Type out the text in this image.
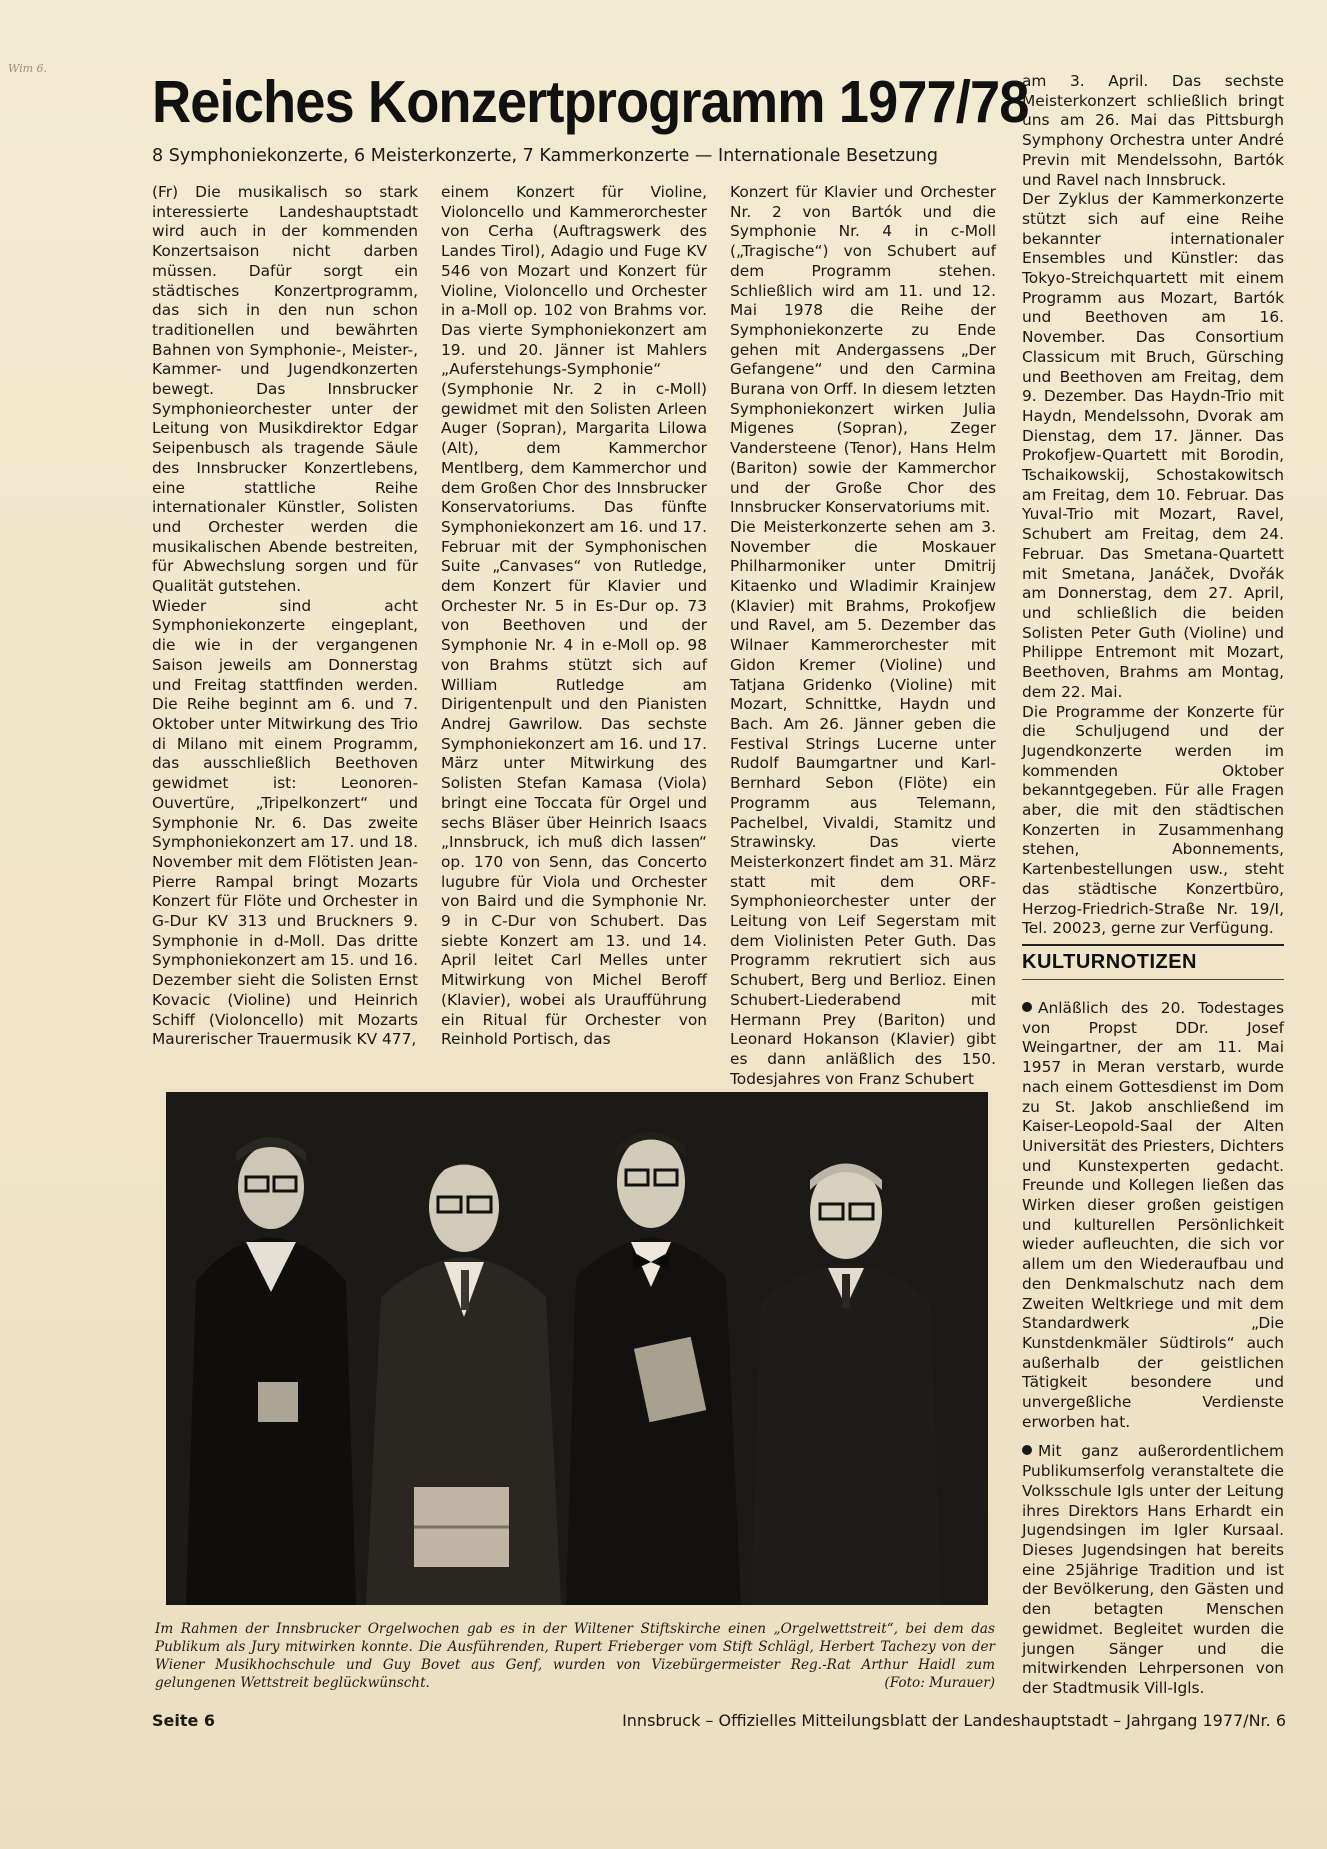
Wim 6.
Reiches Konzertprogramm 1977/78
8 Symphoniekonzerte, 6 Meisterkonzerte, 7 Kammerkonzerte — Internationale Besetzung

(Fr) Die musikalisch so stark interessierte Landeshauptstadt wird auch in der kommenden Konzertsaison nicht darben müssen. Dafür sorgt ein städtisches Konzertprogramm, das sich in den nun schon traditionellen und bewährten Bahnen von Symphonie-, Meister-, Kammer- und Jugendkonzerten bewegt. Das Innsbrucker Symphonieorchester unter der Leitung von Musikdirektor Edgar Seipenbusch als tragende Säule des Innsbrucker Konzertlebens, eine stattliche Reihe internationaler Künstler, Solisten und Orchester werden die musikalischen Abende bestreiten, für Abwechslung sorgen und für Qualität gutstehen.

Wieder sind acht Symphoniekonzerte eingeplant, die wie in der vergangenen Saison jeweils am Donnerstag und Freitag stattfinden werden. Die Reihe beginnt am 6. und 7. Oktober unter Mitwirkung des Trio di Milano mit einem Programm, das ausschließlich Beethoven gewidmet ist: Leonoren-Ouvertüre, „Tripelkonzert“ und Symphonie Nr. 6. Das zweite Symphoniekonzert am 17. und 18. November mit dem Flötisten Jean-Pierre Rampal bringt Mozarts Konzert für Flöte und Orchester in G-Dur KV 313 und Bruckners 9. Symphonie in d-Moll. Das dritte Symphoniekonzert am 15. und 16. Dezember sieht die Solisten Ernst Kovacic (Violine) und Heinrich Schiff (Violoncello) mit Mozarts Maurerischer Trauermusik KV 477,

einem Konzert für Violine, Violoncello und Kammerorchester von Cerha (Auftragswerk des Landes Tirol), Adagio und Fuge KV 546 von Mozart und Konzert für Violine, Violoncello und Orchester in a-Moll op. 102 von Brahms vor. Das vierte Symphoniekonzert am 19. und 20. Jänner ist Mahlers „Auferstehungs-Symphonie“ (Symphonie Nr. 2 in c-Moll) gewidmet mit den Solisten Arleen Auger (Sopran), Margarita Lilowa (Alt), dem Kammerchor Mentlberg, dem Kammerchor und dem Großen Chor des Innsbrucker Konservatoriums. Das fünfte Symphoniekonzert am 16. und 17. Februar mit der Symphonischen Suite „Canvases“ von Rutledge, dem Konzert für Klavier und Orchester Nr. 5 in Es-Dur op. 73 von Beethoven und der Symphonie Nr. 4 in e-Moll op. 98 von Brahms stützt sich auf William Rutledge am Dirigentenpult und den Pianisten Andrej Gawrilow. Das sechste Symphoniekonzert am 16. und 17. März unter Mitwirkung des Solisten Stefan Kamasa (Viola) bringt eine Toccata für Orgel und sechs Bläser über Heinrich Isaacs „Innsbruck, ich muß dich lassen“ op. 170 von Senn, das Concerto lugubre für Viola und Orchester von Baird und die Symphonie Nr. 9 in C-Dur von Schubert. Das siebte Konzert am 13. und 14. April leitet Carl Melles unter Mitwirkung von Michel Beroff (Klavier), wobei als Uraufführung ein Ritual für Orchester von Reinhold Portisch, das

Konzert für Klavier und Orchester Nr. 2 von Bartók und die Symphonie Nr. 4 in c-Moll („Tragische“) von Schubert auf dem Programm stehen. Schließlich wird am 11. und 12. Mai 1978 die Reihe der Symphoniekonzerte zu Ende gehen mit Andergassens „Der Gefangene“ und den Carmina Burana von Orff. In diesem letzten Symphoniekonzert wirken Julia Migenes (Sopran), Zeger Vandersteene (Tenor), Hans Helm (Bariton) sowie der Kammerchor und der Große Chor des Innsbrucker Konservatoriums mit.

Die Meisterkonzerte sehen am 3. November die Moskauer Philharmoniker unter Dmitrij Kitaenko und Wladimir Krainjew (Klavier) mit Brahms, Prokofjew und Ravel, am 5. Dezember das Wilnaer Kammerorchester mit Gidon Kremer (Violine) und Tatjana Gridenko (Violine) mit Mozart, Schnittke, Haydn und Bach. Am 26. Jänner geben die Festival Strings Lucerne unter Rudolf Baumgartner und Karl-Bernhard Sebon (Flöte) ein Programm aus Telemann, Pachelbel, Vivaldi, Stamitz und Strawinsky. Das vierte Meisterkonzert findet am 31. März statt mit dem ORF-Symphonieorchester unter der Leitung von Leif Segerstam mit dem Violinisten Peter Guth. Das Programm rekrutiert sich aus Schubert, Berg und Berlioz. Einen Schubert-Liederabend mit Hermann Prey (Bariton) und Leonard Hokanson (Klavier) gibt es dann anläßlich des 150. Todesjahres von Franz Schubert

am 3. April. Das sechste Meisterkonzert schließlich bringt uns am 26. Mai das Pittsburgh Symphony Orchestra unter André Previn mit Mendelssohn, Bartók und Ravel nach Innsbruck.

Der Zyklus der Kammerkonzerte stützt sich auf eine Reihe bekannter internationaler Ensembles und Künstler: das Tokyo-Streichquartett mit einem Programm aus Mozart, Bartók und Beethoven am 16. November. Das Consortium Classicum mit Bruch, Gürsching und Beethoven am Freitag, dem 9. Dezember. Das Haydn-Trio mit Haydn, Mendelssohn, Dvorak am Dienstag, dem 17. Jänner. Das Prokofjew-Quartett mit Borodin, Tschaikowskij, Schostakowitsch am Freitag, dem 10. Februar. Das Yuval-Trio mit Mozart, Ravel, Schubert am Freitag, dem 24. Februar. Das Smetana-Quartett mit Smetana, Janáček, Dvořák am Donnerstag, dem 27. April, und schließlich die beiden Solisten Peter Guth (Violine) und Philippe Entremont mit Mozart, Beethoven, Brahms am Montag, dem 22. Mai.

Die Programme der Konzerte für die Schuljugend und der Jugendkonzerte werden im kommenden Oktober bekanntgegeben. Für alle Fragen aber, die mit den städtischen Konzerten in Zusammenhang stehen, Abonnements, Kartenbestellungen usw., steht das städtische Konzertbüro, Herzog-Friedrich-Straße Nr. 19/I, Tel. 20023, gerne zur Verfügung.

KULTURNOTIZEN

Anläßlich des 20. Todestages von Propst DDr. Josef Weingartner, der am 11. Mai 1957 in Meran verstarb, wurde nach einem Gottesdienst im Dom zu St. Jakob anschließend im Kaiser-Leopold-Saal der Alten Universität des Priesters, Dichters und Kunstexperten gedacht. Freunde und Kollegen ließen das Wirken dieser großen geistigen und kulturellen Persönlichkeit wieder aufleuchten, die sich vor allem um den Wiederaufbau und den Denkmalschutz nach dem Zweiten Weltkriege und mit dem Standardwerk „Die Kunstdenkmäler Südtirols“ auch außerhalb der geistlichen Tätigkeit besondere und unvergeßliche Verdienste erworben hat.

Mit ganz außerordentlichem Publikumserfolg veranstaltete die Volksschule Igls unter der Leitung ihres Direktors Hans Erhardt ein Jugendsingen im Igler Kursaal. Dieses Jugendsingen hat bereits eine 25jährige Tradition und ist der Bevölkerung, den Gästen und den betagten Menschen gewidmet. Begleitet wurden die jungen Sänger und die mitwirkenden Lehrpersonen von der Stadtmusik Vill-Igls.

Im Rahmen der Innsbrucker Orgelwochen gab es in der Wiltener Stiftskirche einen „Orgelwettstreit“, bei dem das Publikum als Jury mitwirken konnte. Die Ausführenden, Rupert Frieberger vom Stift Schlägl, Herbert Tachezy von der Wiener Musikhochschule und Guy Bovet aus Genf, wurden von Vizebürgermeister Reg.-Rat Arthur Haidl zum gelungenen Wettstreit beglückwünscht.	(Foto: Murauer)
Seite 6	Innsbruck – Offizielles Mitteilungsblatt der Landeshauptstadt – Jahrgang 1977/Nr. 6
